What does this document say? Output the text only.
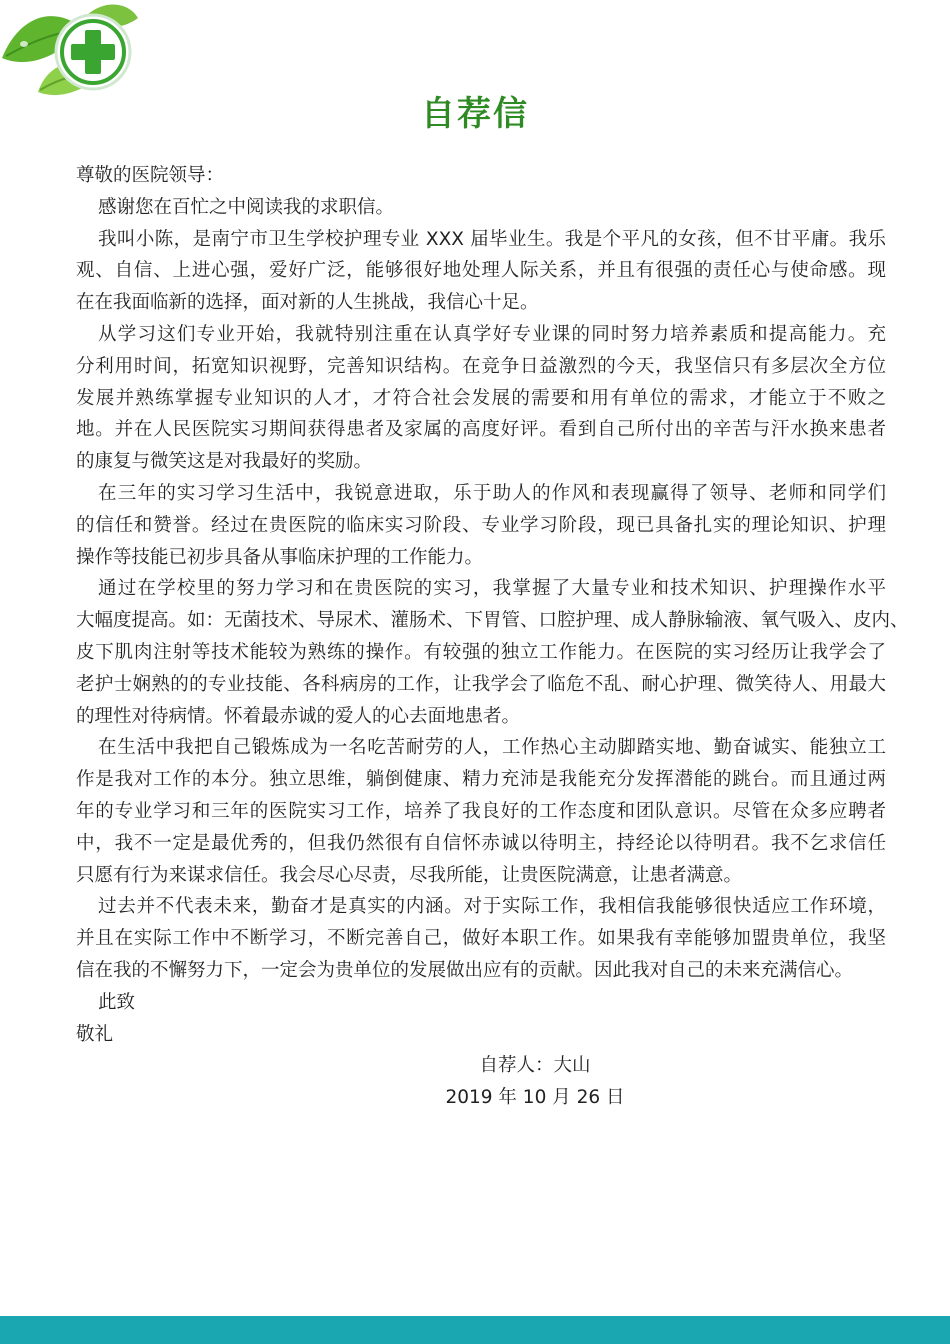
自荐信
尊敬的医院领导：
感谢您在百忙之中阅读我的求职信。
我叫小陈，是南宁市卫生学校护理专业 XXX 届毕业生。我是个平凡的女孩，但不甘平庸。我乐
观、自信、上进心强，爱好广泛，能够很好地处理人际关系，并且有很强的责任心与使命感。现
在在我面临新的选择，面对新的人生挑战，我信心十足。
从学习这们专业开始，我就特别注重在认真学好专业课的同时努力培养素质和提高能力。充
分利用时间，拓宽知识视野，完善知识结构。在竞争日益激烈的今天，我坚信只有多层次全方位
发展并熟练掌握专业知识的人才，才符合社会发展的需要和用有单位的需求，才能立于不败之
地。并在人民医院实习期间获得患者及家属的高度好评。看到自己所付出的辛苦与汗水换来患者
的康复与微笑这是对我最好的奖励。
在三年的实习学习生活中，我锐意进取，乐于助人的作风和表现赢得了领导、老师和同学们
的信任和赞誉。经过在贵医院的临床实习阶段、专业学习阶段，现已具备扎实的理论知识、护理
操作等技能已初步具备从事临床护理的工作能力。
通过在学校里的努力学习和在贵医院的实习，我掌握了大量专业和技术知识、护理操作水平
大幅度提高。如：无菌技术、导尿术、灌肠术、下胃管、口腔护理、成人静脉输液、氧气吸入、皮内、
皮下肌肉注射等技术能较为熟练的操作。有较强的独立工作能力。在医院的实习经历让我学会了
老护士娴熟的的专业技能、各科病房的工作，让我学会了临危不乱、耐心护理、微笑待人、用最大
的理性对待病情。怀着最赤诚的爱人的心去面地患者。
在生活中我把自己锻炼成为一名吃苦耐劳的人，工作热心主动脚踏实地、勤奋诚实、能独立工
作是我对工作的本分。独立思维，躺倒健康、精力充沛是我能充分发挥潜能的跳台。而且通过两
年的专业学习和三年的医院实习工作，培养了我良好的工作态度和团队意识。尽管在众多应聘者
中，我不一定是最优秀的，但我仍然很有自信怀赤诚以待明主，持经论以待明君。我不乞求信任
只愿有行为来谋求信任。我会尽心尽责，尽我所能，让贵医院满意，让患者满意。
过去并不代表未来，勤奋才是真实的内涵。对于实际工作，我相信我能够很快适应工作环境，
并且在实际工作中不断学习，不断完善自己，做好本职工作。如果我有幸能够加盟贵单位，我坚
信在我的不懈努力下，一定会为贵单位的发展做出应有的贡献。因此我对自己的未来充满信心。
此致
敬礼
自荐人：大山
2019 年 10 月 26 日
